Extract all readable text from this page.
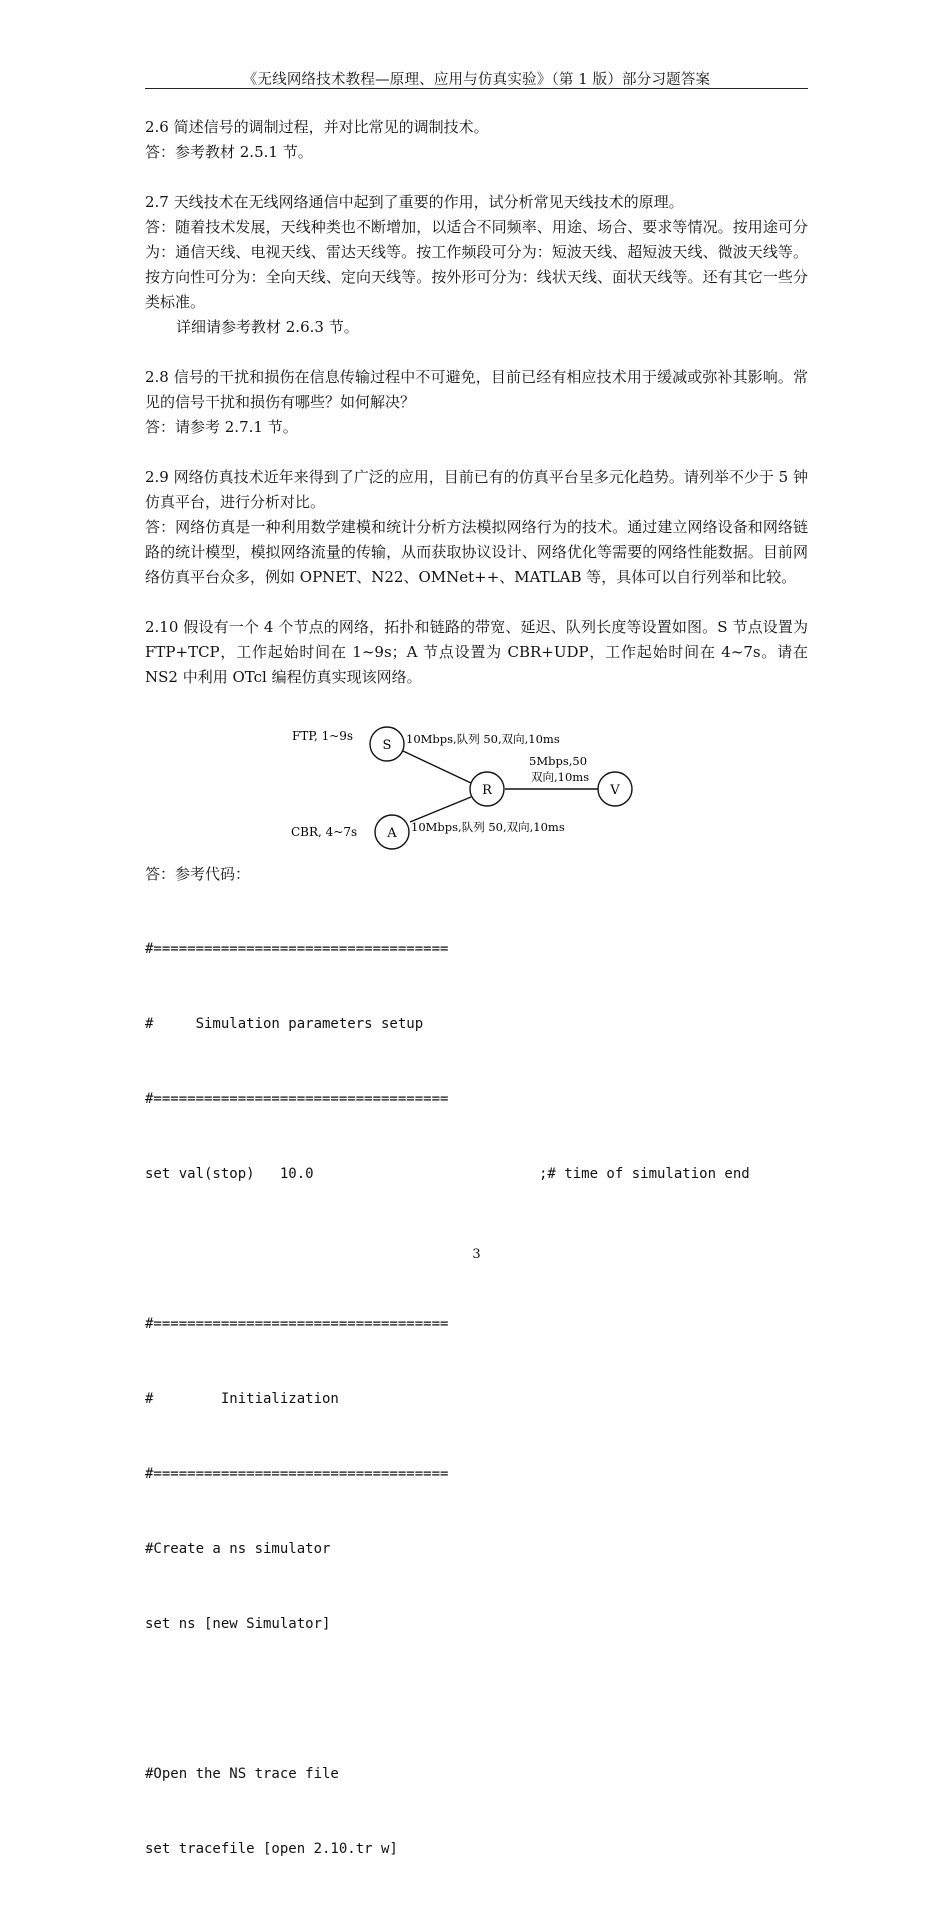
《无线网络技术教程—原理、应用与仿真实验》（第 1 版）部分习题答案

2.6 简述信号的调制过程，并对比常见的调制技术。

答：参考教材 2.5.1 节。

2.7 天线技术在无线网络通信中起到了重要的作用，试分析常见天线技术的原理。

答：随着技术发展，天线种类也不断增加，以适合不同频率、用途、场合、要求等情况。按用途可分为：通信天线、电视天线、雷达天线等。按工作频段可分为：短波天线、超短波天线、微波天线等。按方向性可分为：全向天线、定向天线等。按外形可分为：线状天线、面状天线等。还有其它一些分类标准。

详细请参考教材 2.6.3 节。

2.8 信号的干扰和损伤在信息传输过程中不可避免，目前已经有相应技术用于缓减或弥补其影响。常见的信号干扰和损伤有哪些？如何解决？

答：请参考 2.7.1 节。

2.9 网络仿真技术近年来得到了广泛的应用，目前已有的仿真平台呈多元化趋势。请列举不少于 5 钟仿真平台，进行分析对比。

答：网络仿真是一种利用数学建模和统计分析方法模拟网络行为的技术。通过建立网络设备和网络链路的统计模型，模拟网络流量的传输，从而获取协议设计、网络优化等需要的网络性能数据。目前网络仿真平台众多，例如 OPNET、N22、OMNet++、MATLAB 等，具体可以自行列举和比较。

2.10 假设有一个 4 个节点的网络，拓扑和链路的带宽、延迟、队列长度等设置如图。S 节点设置为 FTP+TCP，工作起始时间在 1~9s；A 节点设置为 CBR+UDP，工作起始时间在 4~7s。请在 NS2 中利用 OTcl 编程仿真实现该网络。

S
R	V
A
FTP, 1~9s
CBR, 4~7s
10Mbps,队列 50,双向,10ms
10Mbps,队列 50,双向,10ms
5Mbps,50
双向,10ms
答：参考代码：

#===================================

#     Simulation parameters setup

#===================================

set val(stop)   10.0	;# time of simulation end

#===================================

#        Initialization

#===================================

#Create a ns simulator

set ns [new Simulator]

#Open the NS trace file

set tracefile [open 2.10.tr w]

3
